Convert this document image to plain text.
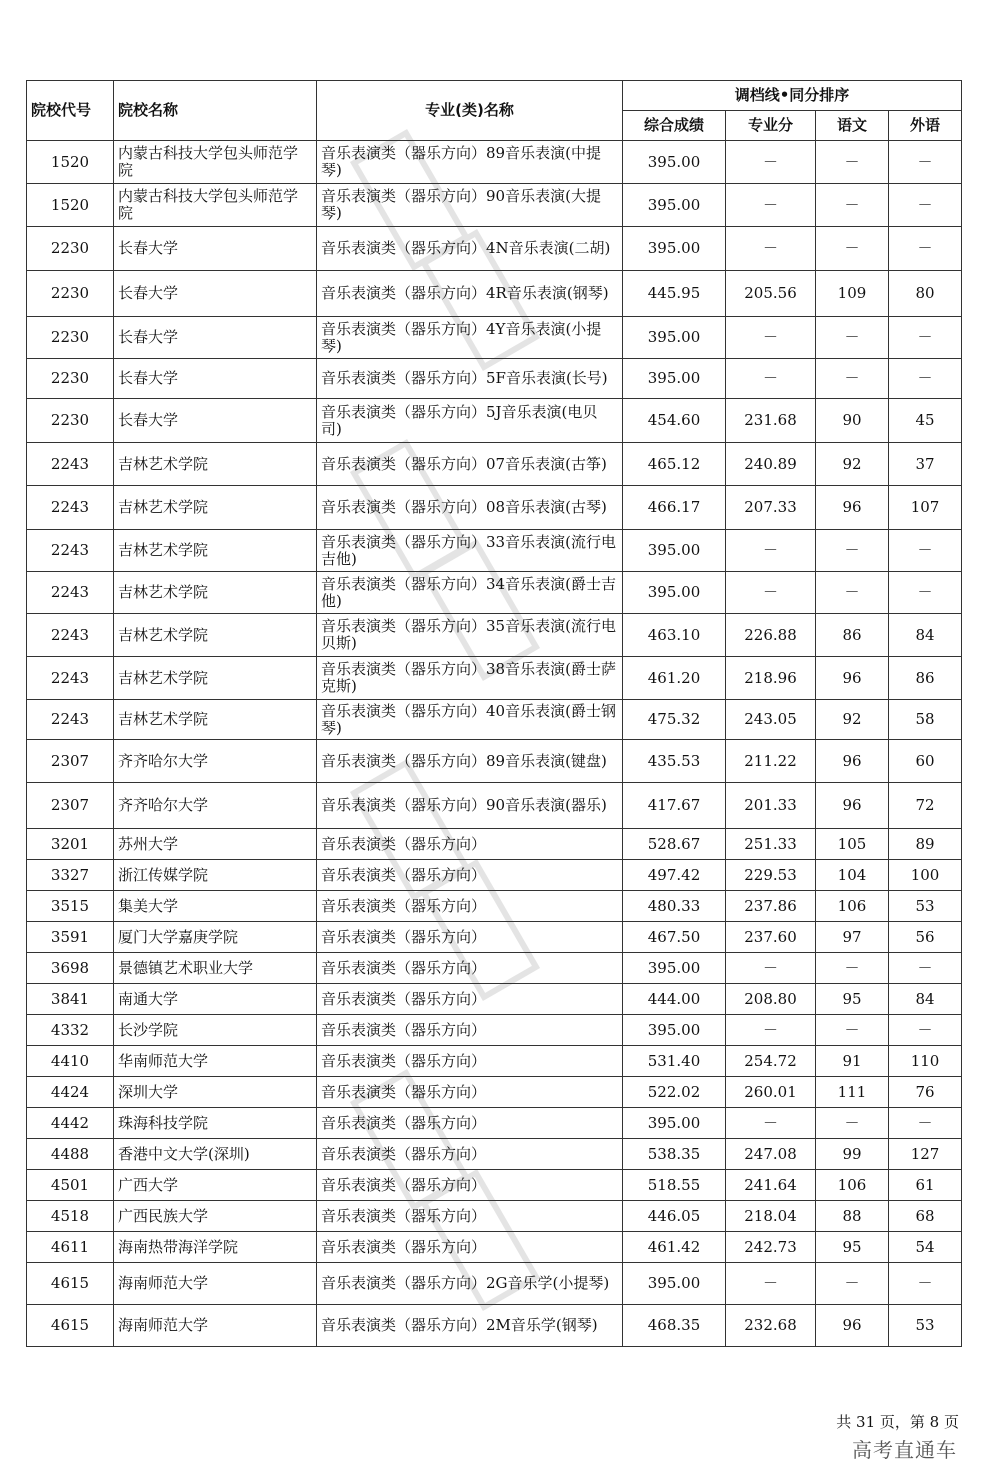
院校代号	院校名称	专业(类)名称	调档线•同分排序			
			综合成绩	专业分	语文	外语
1520	内蒙古科技大学包头师范学院	音乐表演类（器乐方向）89音乐表演(中提琴)	395.00	－	－	－
1520	内蒙古科技大学包头师范学院	音乐表演类（器乐方向）90音乐表演(大提琴)	395.00	－	－	－
2230	长春大学	音乐表演类（器乐方向）4N音乐表演(二胡)	395.00	－	－	－
2230	长春大学	音乐表演类（器乐方向）4R音乐表演(钢琴)	445.95	205.56	109	80
2230	长春大学	音乐表演类（器乐方向）4Y音乐表演(小提琴)	395.00	－	－	－
2230	长春大学	音乐表演类（器乐方向）5F音乐表演(长号)	395.00	－	－	－
2230	长春大学	音乐表演类（器乐方向）5J音乐表演(电贝司)	454.60	231.68	90	45
2243	吉林艺术学院	音乐表演类（器乐方向）07音乐表演(古筝)	465.12	240.89	92	37
2243	吉林艺术学院	音乐表演类（器乐方向）08音乐表演(古琴)	466.17	207.33	96	107
2243	吉林艺术学院	音乐表演类（器乐方向）33音乐表演(流行电吉他)	395.00	－	－	－
2243	吉林艺术学院	音乐表演类（器乐方向）34音乐表演(爵士吉他)	395.00	－	－	－
2243	吉林艺术学院	音乐表演类（器乐方向）35音乐表演(流行电贝斯)	463.10	226.88	86	84
2243	吉林艺术学院	音乐表演类（器乐方向）38音乐表演(爵士萨克斯)	461.20	218.96	96	86
2243	吉林艺术学院	音乐表演类（器乐方向）40音乐表演(爵士钢琴)	475.32	243.05	92	58
2307	齐齐哈尔大学	音乐表演类（器乐方向）89音乐表演(键盘)	435.53	211.22	96	60
2307	齐齐哈尔大学	音乐表演类（器乐方向）90音乐表演(器乐)	417.67	201.33	96	72
3201	苏州大学	音乐表演类（器乐方向）	528.67	251.33	105	89
3327	浙江传媒学院	音乐表演类（器乐方向）	497.42	229.53	104	100
3515	集美大学	音乐表演类（器乐方向）	480.33	237.86	106	53
3591	厦门大学嘉庚学院	音乐表演类（器乐方向）	467.50	237.60	97	56
3698	景德镇艺术职业大学	音乐表演类（器乐方向）	395.00	－	－	－
3841	南通大学	音乐表演类（器乐方向）	444.00	208.80	95	84
4332	长沙学院	音乐表演类（器乐方向）	395.00	－	－	－
4410	华南师范大学	音乐表演类（器乐方向）	531.40	254.72	91	110
4424	深圳大学	音乐表演类（器乐方向）	522.02	260.01	111	76
4442	珠海科技学院	音乐表演类（器乐方向）	395.00	－	－	－
4488	香港中文大学(深圳)	音乐表演类（器乐方向）	538.35	247.08	99	127
4501	广西大学	音乐表演类（器乐方向）	518.55	241.64	106	61
4518	广西民族大学	音乐表演类（器乐方向）	446.05	218.04	88	68
4611	海南热带海洋学院	音乐表演类（器乐方向）	461.42	242.73	95	54
4615	海南师范大学	音乐表演类（器乐方向）2G音乐学(小提琴)	395.00	－	－	－
4615	海南师范大学	音乐表演类（器乐方向）2M音乐学(钢琴)	468.35	232.68	96	53
共 31 页，第 8 页
高考直通车
